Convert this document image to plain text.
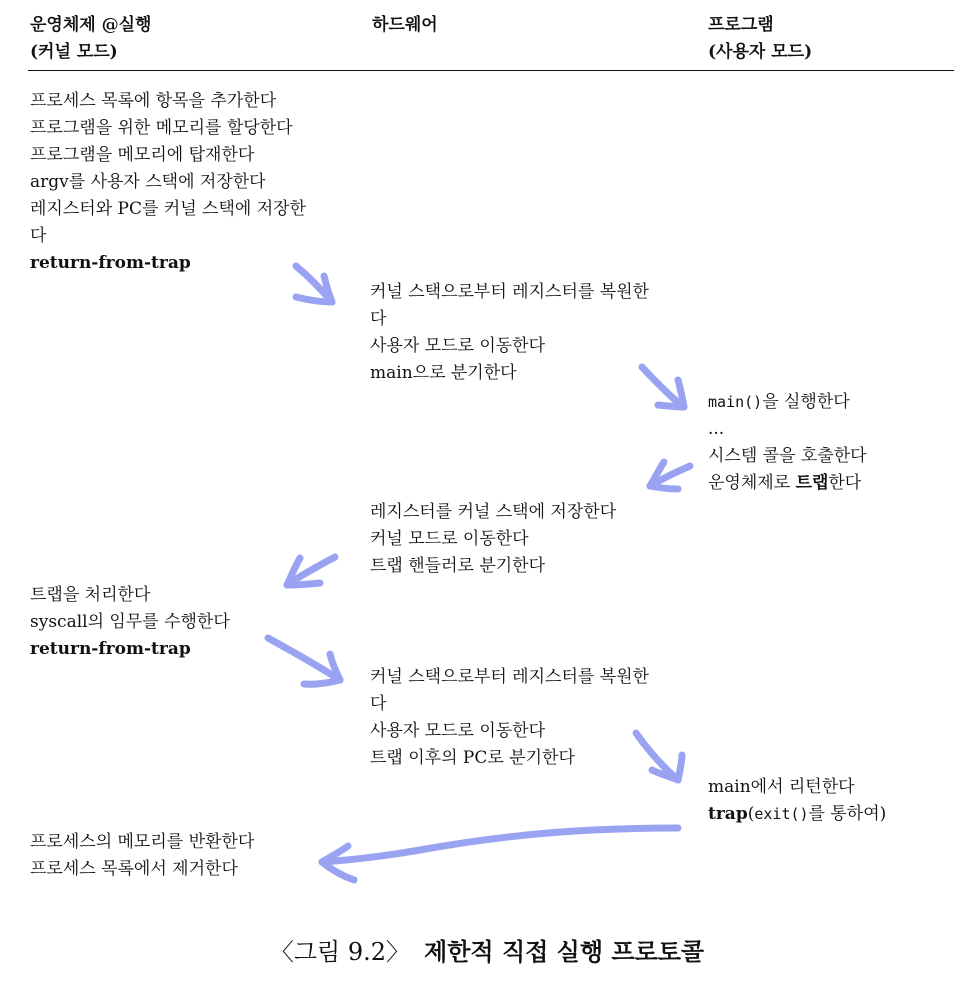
운영체제 @실행
(커널 모드)
하드웨어	프로그램
(사용자 모드)
프로세스 목록에 항목을 추가한다
프로그램을 위한 메모리를 할당한다
프로그램을 메모리에 탑재한다
argv를 사용자 스택에 저장한다
레지스터와 PC를 커널 스택에 저장한
다
return-from-trap
커널 스택으로부터 레지스터를 복원한
다
사용자 모드로 이동한다
main으로 분기한다
main()을 실행한다
...
시스템 콜을 호출한다
운영체제로 트랩한다
레지스터를 커널 스택에 저장한다
커널 모드로 이동한다
트랩 핸들러로 분기한다
트랩을 처리한다
syscall의 임무를 수행한다
return-from-trap
커널 스택으로부터 레지스터를 복원한
다
사용자 모드로 이동한다
트랩 이후의 PC로 분기한다
main에서 리턴한다
trap(exit()를 통하여)
프로세스의 메모리를 반환한다
프로세스 목록에서 제거한다
〈그림 9.2〉 제한적 직접 실행 프로토콜
